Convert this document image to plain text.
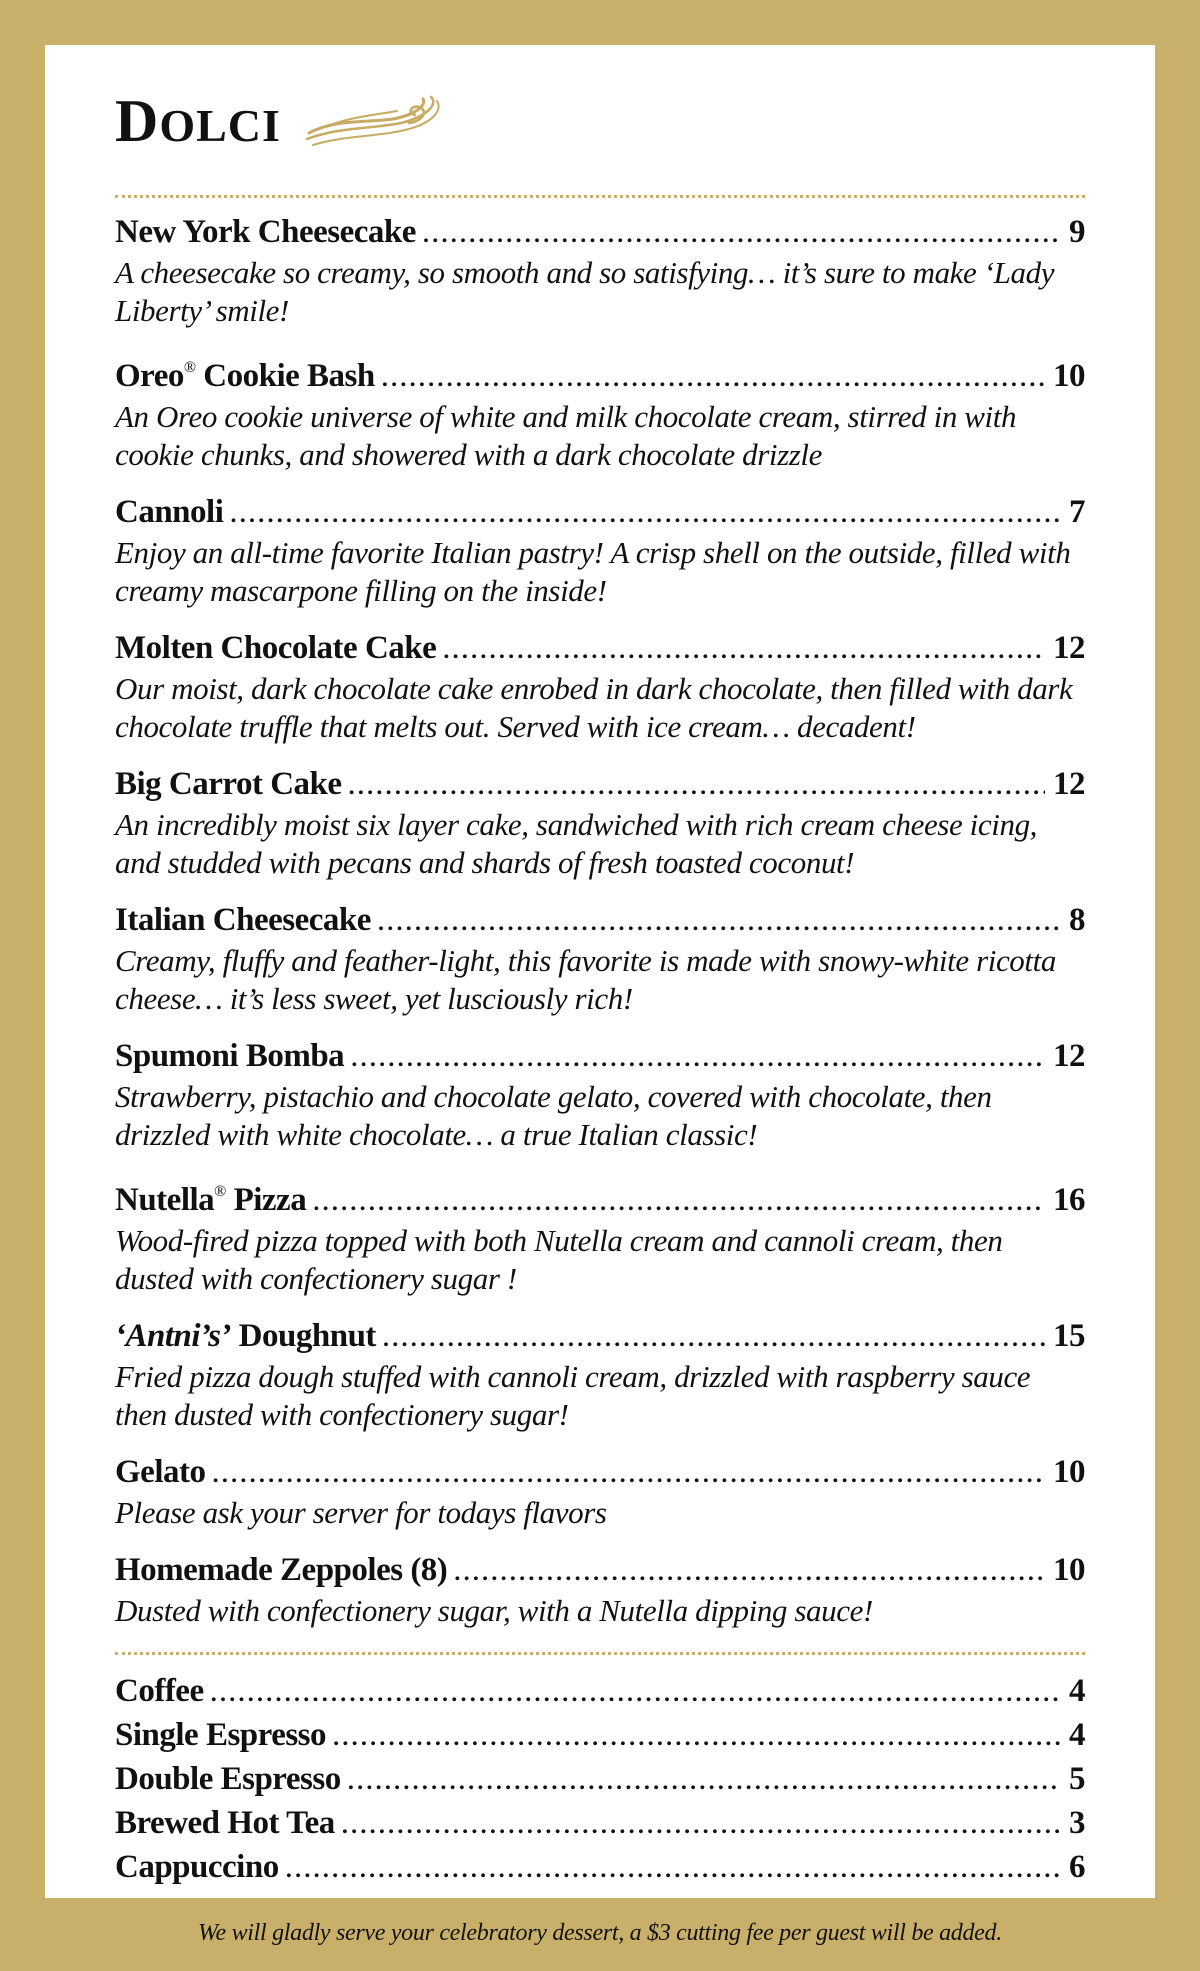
DOLCI
New York Cheesecake .....	9

A cheesecake so creamy, so smooth and so satisfying… it’s sure to make ‘Lady Liberty’ smile!

Oreo® Cookie Bash .....	10

An Oreo cookie universe of white and milk chocolate cream, stirred in with cookie chunks, and showered with a dark chocolate drizzle

Cannoli .....	7

Enjoy an all-time favorite Italian pastry! A crisp shell on the outside, filled with creamy mascarpone filling on the inside!

Molten Chocolate Cake .....	12

Our moist, dark chocolate cake enrobed in dark chocolate, then filled with dark chocolate truffle that melts out. Served with ice cream… decadent!

Big Carrot Cake .....	12

An incredibly moist six layer cake, sandwiched with rich cream cheese icing, and studded with pecans and shards of fresh toasted coconut!

Italian Cheesecake .....	8

Creamy, fluffy and feather-light, this favorite is made with snowy-white ricotta cheese… it’s less sweet, yet lusciously rich!

Spumoni Bomba .....	12

Strawberry, pistachio and chocolate gelato, covered with chocolate, then drizzled with white chocolate… a true Italian classic!

Nutella® Pizza .....	16

Wood-fired pizza topped with both Nutella cream and cannoli cream, then dusted with confectionery sugar !

‘Antni’s’ Doughnut .....	15

Fried pizza dough stuffed with cannoli cream, drizzled with raspberry sauce then dusted with confectionery sugar!

Gelato .....	10

Please ask your server for todays flavors

Homemade Zeppoles (8) .....	10

Dusted with confectionery sugar, with a Nutella dipping sauce!

Coffee .....	4
Single Espresso .....	4
Double Espresso .....	5
Brewed Hot Tea .....	3
Cappuccino .....	6

We will gladly serve your celebratory dessert, a $3 cutting fee per guest will be added.
